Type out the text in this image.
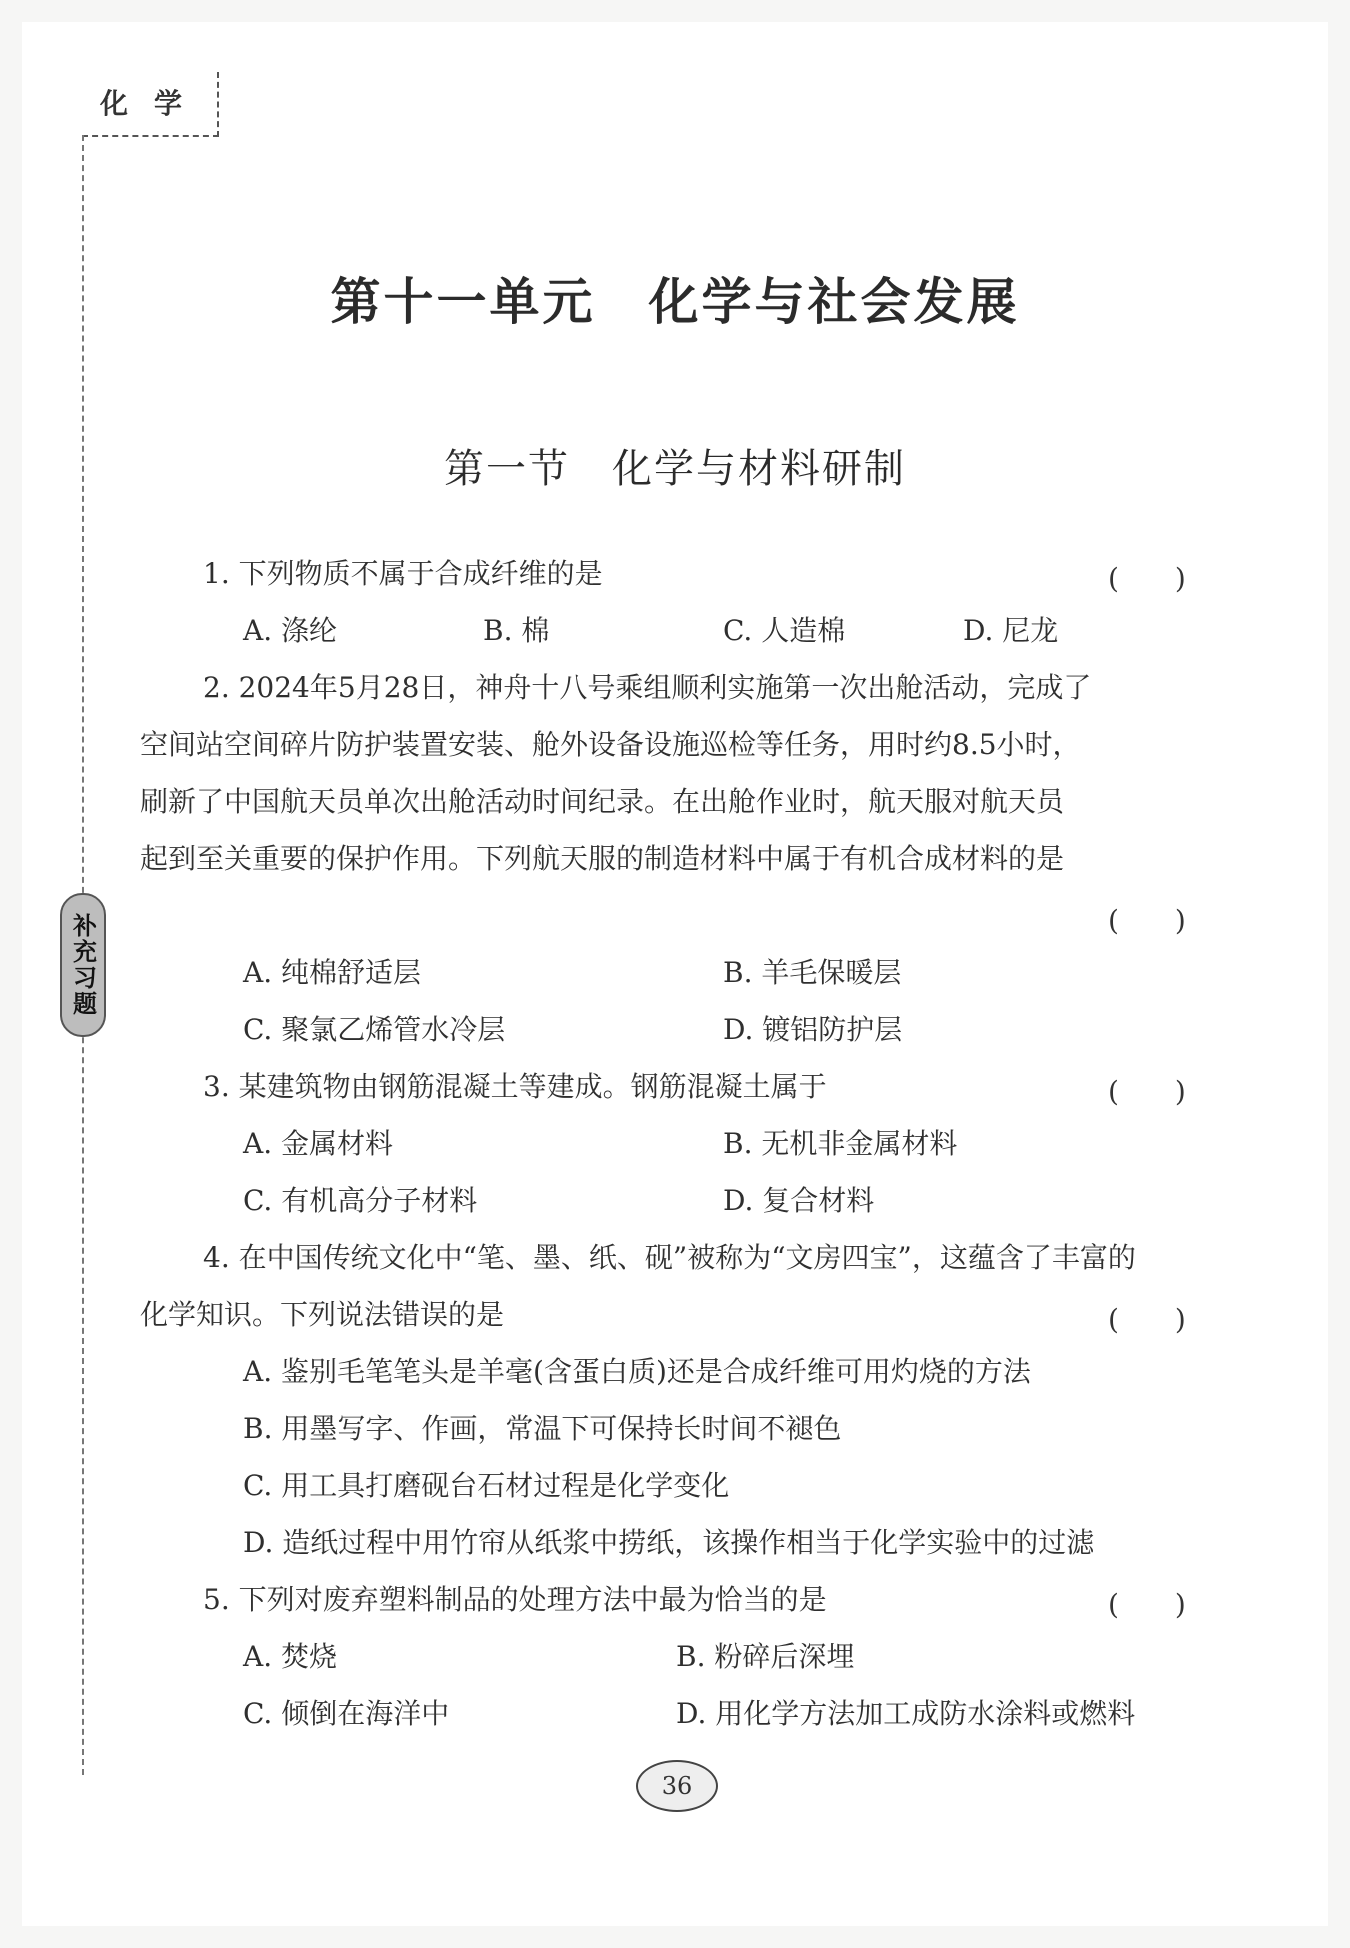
化学
补充习题
第十一单元　化学与社会发展
第一节　化学与材料研制
1. 下列物质不属于合成纤维的是	(　　)
A. 涤纶	B. 棉	C. 人造棉	D. 尼龙
2. 2024年5月28日，神舟十八号乘组顺利实施第一次出舱活动，完成了
空间站空间碎片防护装置安装、舱外设备设施巡检等任务，用时约8.5小时，
刷新了中国航天员单次出舱活动时间纪录。在出舱作业时，航天服对航天员
起到至关重要的保护作用。下列航天服的制造材料中属于有机合成材料的是
(　　)
A. 纯棉舒适层	B. 羊毛保暖层
C. 聚氯乙烯管水冷层	D. 镀铝防护层
3. 某建筑物由钢筋混凝土等建成。钢筋混凝土属于	(　　)
A. 金属材料	B. 无机非金属材料
C. 有机高分子材料	D. 复合材料
4. 在中国传统文化中“笔、墨、纸、砚”被称为“文房四宝”，这蕴含了丰富的
化学知识。下列说法错误的是	(　　)
A. 鉴别毛笔笔头是羊毫(含蛋白质)还是合成纤维可用灼烧的方法
B. 用墨写字、作画，常温下可保持长时间不褪色
C. 用工具打磨砚台石材过程是化学变化
D. 造纸过程中用竹帘从纸浆中捞纸，该操作相当于化学实验中的过滤
5. 下列对废弃塑料制品的处理方法中最为恰当的是	(　　)
A. 焚烧	B. 粉碎后深埋
C. 倾倒在海洋中	D. 用化学方法加工成防水涂料或燃料
36
